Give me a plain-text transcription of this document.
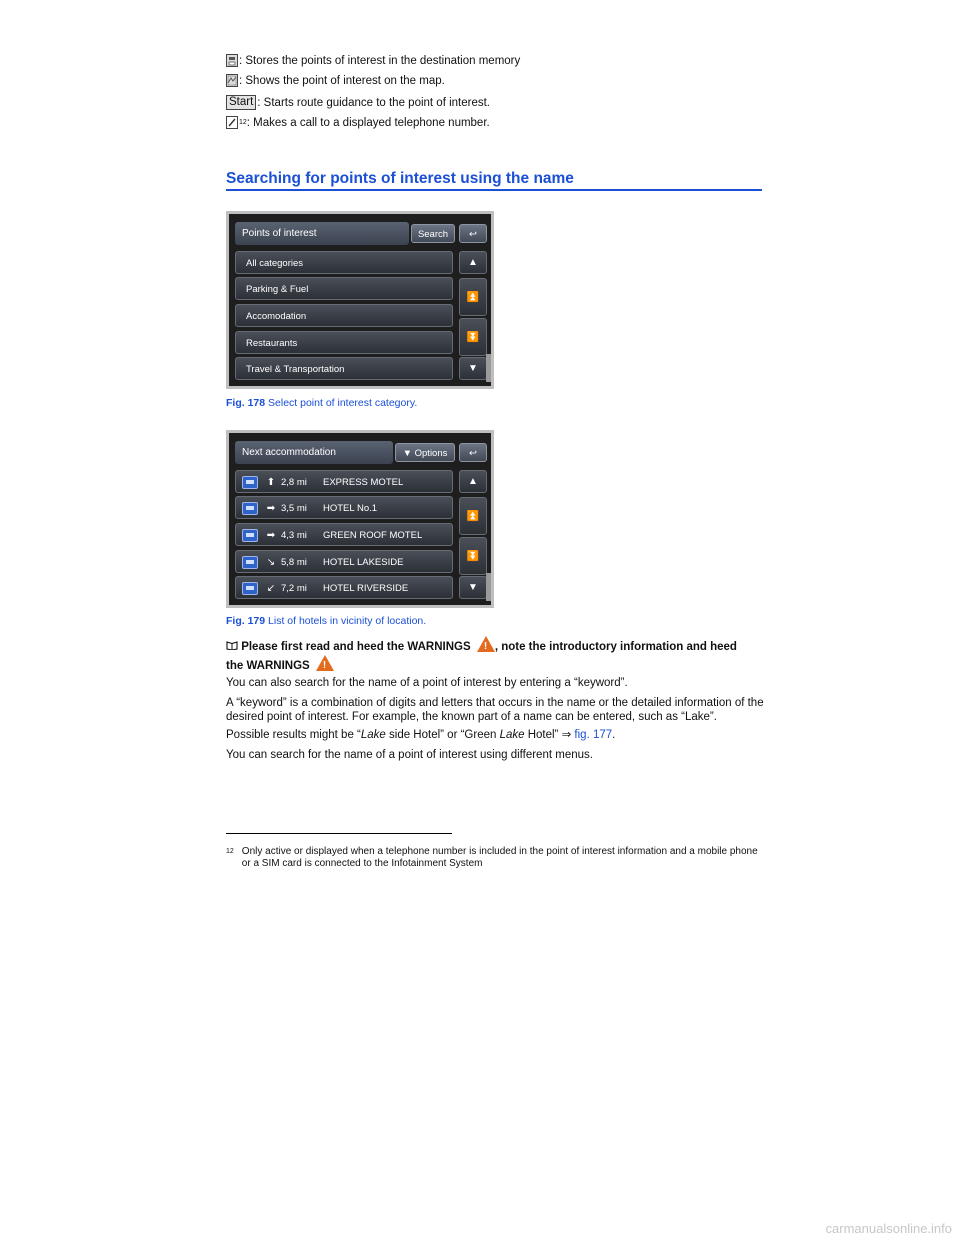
: Stores the points of interest in the destination memory
: Shows the point of interest on the map.
Start : Starts route guidance to the point of interest.
12 : Makes a call to a displayed telephone number.
Searching for points of interest using the name
Points of interest	Search	↩
All categories
Parking & Fuel
Accomodation
Restaurants
Travel & Transportation
▲
⏫
⏬
▼
Fig. 178 Select point of interest category.
Next accommodation	▼ Options	↩
⬆ 2,8 mi EXPRESS MOTEL
➡ 3,5 mi HOTEL No.1
➡ 4,3 mi GREEN ROOF MOTEL
↘ 5,8 mi HOTEL LAKESIDE
↙ 7,2 mi HOTEL RIVERSIDE
▲
⏫
⏬
▼
Fig. 179 List of hotels in vicinity of location.
Please first read and heed the WARNINGS !, note the introductory information and heed
the WARNINGS !
You can also search for the name of a point of interest by entering a “keyword”.
A “keyword” is a combination of digits and letters that occurs in the name or the detailed information of the desired point of interest. For example, the known part of a name can be entered, such as “Lake”.
Possible results might be “Lake side Hotel” or “Green Lake Hotel” ⇒ fig. 177.
You can search for the name of a point of interest using different menus.
12 Only active or displayed when a telephone number is included in the point of interest information and a mobile phone or a SIM card is connected to the Infotainment System
carmanualsonline.info
